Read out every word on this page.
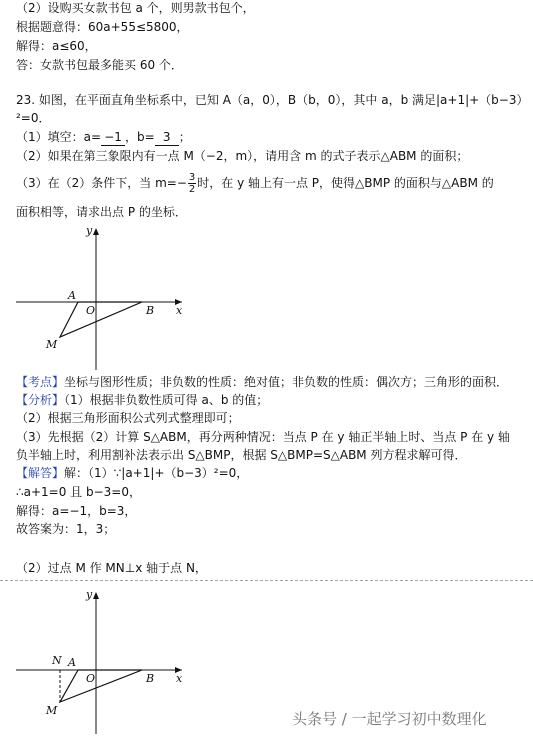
（2）设购买女款书包 a 个，则男款书包个，
根据题意得：60a+55≤5800，
解得：a≤60，
答：女款书包最多能买 60 个．
23. 如图，在平面直角坐标系中，已知 A（a，0），B（b，0），其中 a，b 满足|a+1|+（b−3）
²=0．
（1）填空：a= −1 ，b= 3 ；
（2）如果在第三象限内有一点 M（−2，m），请用含 m 的式子表示△ABM 的面积；
（3）在（2）条件下，当 $m=- \frac{3}{2}$ 时，在 y 轴上有一点 P，使得△BMP 的面积与△ABM 的
面积相等，请求出点 P 的坐标．
y
x
A
O	B
M
【考点】坐标与图形性质；非负数的性质：绝对值；非负数的性质：偶次方；三角形的面积．
【分析】（1）根据非负数性质可得 a、b 的值；
（2）根据三角形面积公式列式整理即可；
（3）先根据（2）计算 S△ABM，再分两种情况：当点 P 在 y 轴正半轴上时、当点 P 在 y 轴
负半轴上时，利用割补法表示出 S△BMP，根据 S△BMP=S△ABM 列方程求解可得．
【解答】解：（1）∵|a+1|+（b−3）²=0，
∴a+1=0 且 b−3=0，
解得：a=−1，b=3，
故答案为：1，3；
（2）过点 M 作 MN⊥x 轴于点 N，
y
x
N A
O	B
M	头条号 / 一起学习初中数理化
